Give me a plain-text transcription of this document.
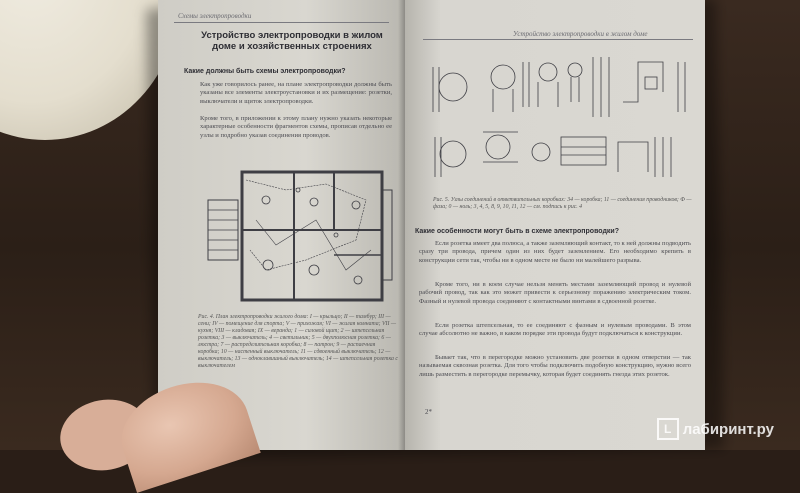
Схемы электропроводки
Устройство электропроводки в жилом доме и хозяйственных строениях
Какие должны быть схемы электропроводки?
Как уже говорилось ранее, на плане электропроводки должны быть указаны все элементы электроустановки и их размещение: розетки, выключатели и щиток электропроводки.
Кроме того, в приложении к этому плану нужно указать некоторые характерные особенности фрагментов схемы, прописав отдельно ее узлы и подробно указав соединения проводов.
Рис. 4. План электропроводки жилого дома: I — крыльцо; II — тамбур; III — сени; IV — помещение для спорта; V — прихожая; VI — жилая комната; VII — кухня; VIII — кладовая; IX — веранда; 1 — силовой щит; 2 — штепсельная розетка; 3 — выключатель; 4 — светильник; 5 — двухполюсная розетка; 6 — люстра; 7 — распределительная коробка; 8 — патрон; 9 — распаечная коробка; 10 — настенный выключатель; 11 — сдвоенный выключатель; 12 — выключатель; 13 — одноклавишный выключатель; 14 — штепсельная розетка с выключателем
Устройство электропроводки в жилом доме
Рис. 5. Узлы соединений в ответвительных коробках: 34 — коробка; 11 — соединения проводников; Ф — фаза; 0 — ноль; 3, 4, 5, 8, 9, 10, 11, 12 — см. подпись к рис. 4
Какие особенности могут быть в схеме электропроводки?
Если розетка имеет два полюса, а также заземляющий контакт, то к ней должны подводить сразу три провода, причем один из них будет заземлением. Его необходимо крепить в конструкции сети так, чтобы ни в одном месте не было ни малейшего разрыва.
Кроме того, ни в коем случае нельзя менять местами заземляющий провод и нулевой рабочий провод, так как это может привести к серьезному поражению электрическим током. Фазный и нулевой провода соединяют с контактными винтами в сдвоенной розетке.
Если розетка штепсельная, то ее соединяют с фазным и нулевым проводами. В этом случае абсолютно не важно, в каком порядке эти провода будут подключаться к конструкции.
Бывает так, что в перегородке можно установить две розетки в одном отверстии — так называемая сквозная розетка. Для того чтобы подключить подобную конструкцию, нужно всего лишь разместить в перегородке перемычку, которая будет соединять гнезда этих розеток.
2*
L лабиринт.ру
